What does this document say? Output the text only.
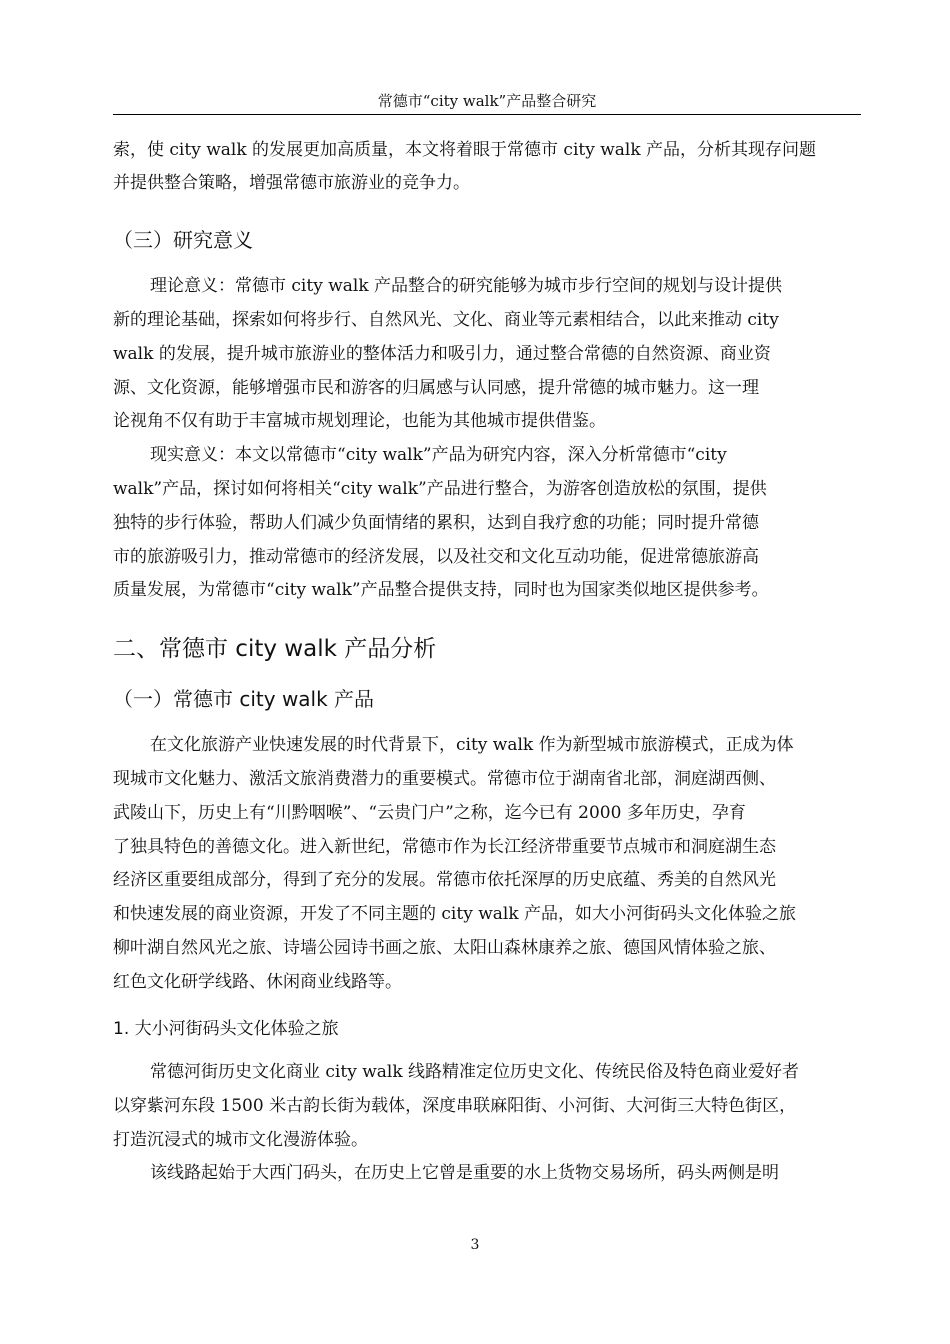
常德市“city walk”产品整合研究
索，使 city walk 的发展更加高质量，本文将着眼于常德市 city walk 产品，分析其现存问题
并提供整合策略，增强常德市旅游业的竞争力。
（三）研究意义
理论意义：常德市 city walk 产品整合的研究能够为城市步行空间的规划与设计提供
新的理论基础，探索如何将步行、自然风光、文化、商业等元素相结合，以此来推动 city
walk 的发展，提升城市旅游业的整体活力和吸引力，通过整合常德的自然资源、商业资
源、文化资源，能够增强市民和游客的归属感与认同感，提升常德的城市魅力。这一理
论视角不仅有助于丰富城市规划理论，也能为其他城市提供借鉴。
现实意义：本文以常德市“city walk”产品为研究内容，深入分析常德市“city
walk”产品，探讨如何将相关“city walk”产品进行整合，为游客创造放松的氛围，提供
独特的步行体验，帮助人们减少负面情绪的累积，达到自我疗愈的功能；同时提升常德
市的旅游吸引力，推动常德市的经济发展，以及社交和文化互动功能，促进常德旅游高
质量发展，为常德市“city walk”产品整合提供支持，同时也为国家类似地区提供参考。
二、常德市 city walk 产品分析
（一）常德市 city walk 产品
在文化旅游产业快速发展的时代背景下，city walk 作为新型城市旅游模式，正成为体
现城市文化魅力、激活文旅消费潜力的重要模式。常德市位于湖南省北部，洞庭湖西侧、
武陵山下，历史上有“川黔咽喉”、“云贵门户”之称，迄今已有 2000 多年历史，孕育
了独具特色的善德文化。进入新世纪，常德市作为长江经济带重要节点城市和洞庭湖生态
经济区重要组成部分，得到了充分的发展。常德市依托深厚的历史底蕴、秀美的自然风光
和快速发展的商业资源，开发了不同主题的 city walk 产品，如大小河街码头文化体验之旅
柳叶湖自然风光之旅、诗墙公园诗书画之旅、太阳山森林康养之旅、德国风情体验之旅、
红色文化研学线路、休闲商业线路等。
1. 大小河街码头文化体验之旅
常德河街历史文化商业 city walk 线路精准定位历史文化、传统民俗及特色商业爱好者
以穿紫河东段 1500 米古韵长街为载体，深度串联麻阳街、小河街、大河街三大特色街区，
打造沉浸式的城市文化漫游体验。
该线路起始于大西门码头，在历史上它曾是重要的水上货物交易场所，码头两侧是明
3
